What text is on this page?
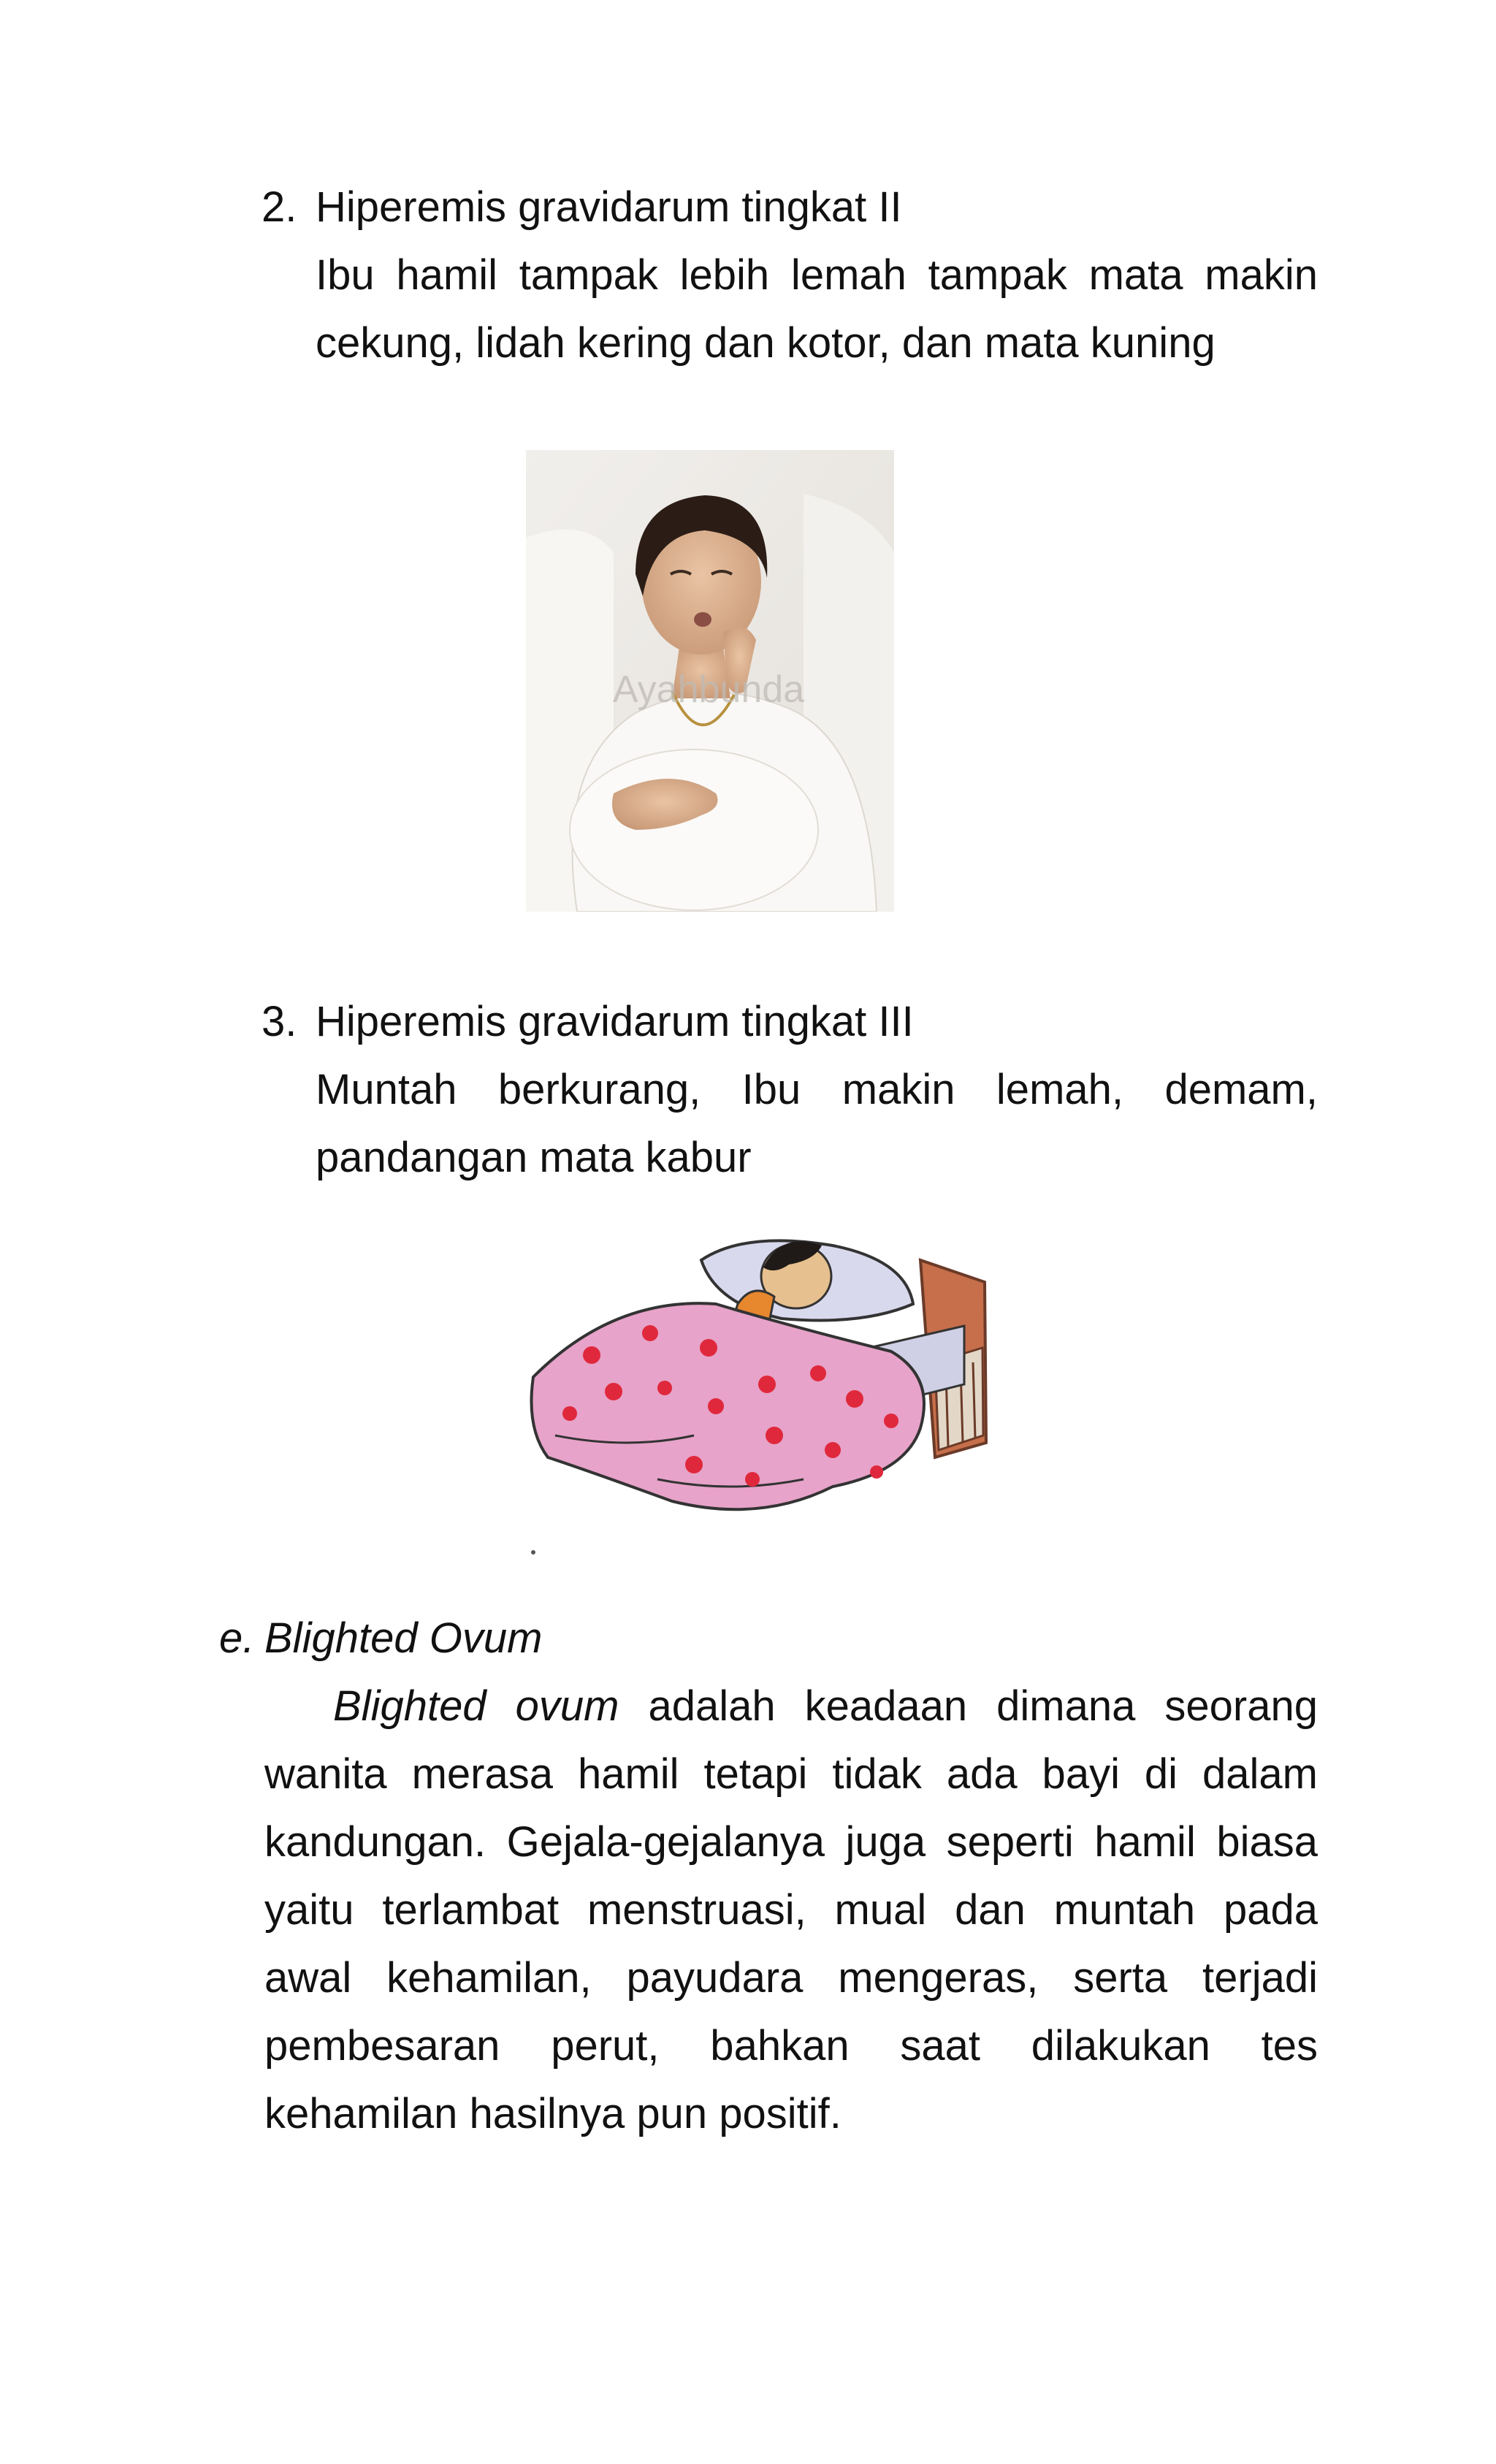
2. Hiperemis gravidarum tingkat II
Ibu hamil tampak lebih lemah tampak mata makin
cekung, lidah kering dan kotor, dan mata kuning
Ayahbunda
3. Hiperemis gravidarum tingkat III
Muntah berkurang, Ibu makin lemah, demam,
pandangan mata kabur
e. Blighted Ovum
Blighted ovum adalah keadaan dimana seorang
wanita merasa hamil tetapi tidak ada bayi di dalam
kandungan. Gejala-gejalanya juga seperti hamil biasa
yaitu terlambat menstruasi, mual dan muntah pada
awal kehamilan, payudara mengeras, serta terjadi
pembesaran perut, bahkan saat dilakukan tes
kehamilan hasilnya pun positif.
